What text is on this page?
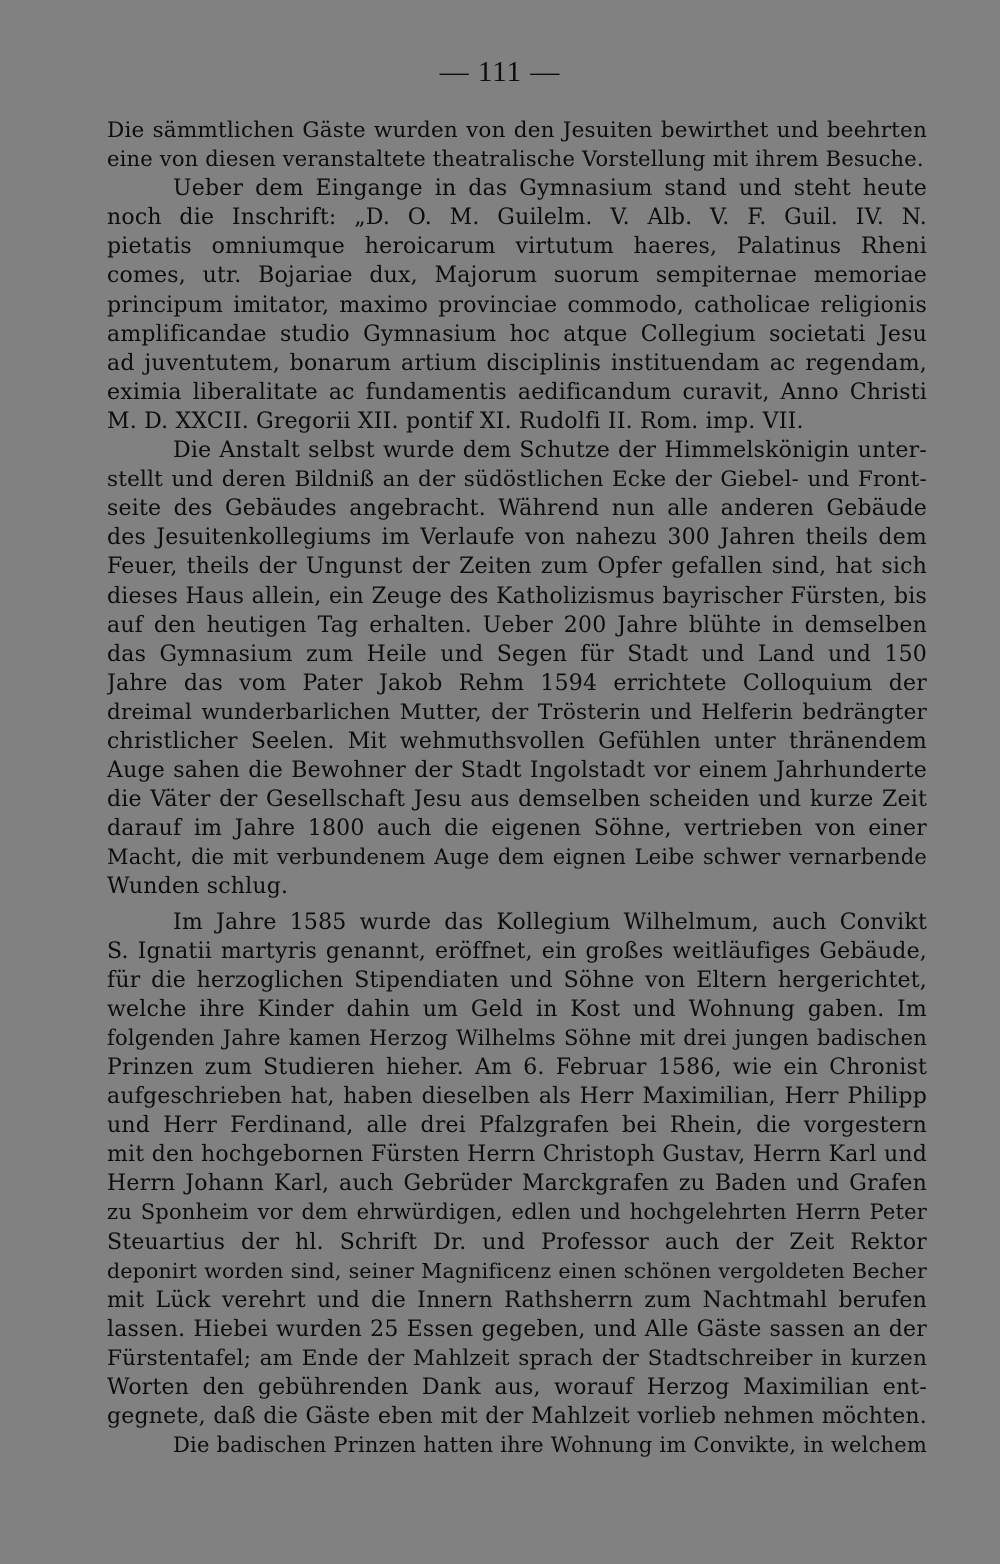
— 111 —
Die sämmtlichen Gäste wurden von den Jesuiten bewirthet und beehrten
eine von diesen veranstaltete theatralische Vorstellung mit ihrem Besuche.
Ueber dem Eingange in das Gymnasium stand und steht heute
noch die Inschrift: „D. O. M. Guilelm. V. Alb. V. F. Guil. IV. N.
pietatis omniumque heroicarum virtutum haeres, Palatinus Rheni
comes, utr. Bojariae dux, Majorum suorum sempiternae memoriae
principum imitator, maximo provinciae commodo, catholicae religionis
amplificandae studio Gymnasium hoc atque Collegium societati Jesu
ad juventutem, bonarum artium disciplinis instituendam ac regendam,
eximia liberalitate ac fundamentis aedificandum curavit, Anno Christi
M. D. XXCII. Gregorii XII. pontif XI. Rudolfi II. Rom. imp. VII.
Die Anstalt selbst wurde dem Schutze der Himmelskönigin unter-
stellt und deren Bildniß an der südöstlichen Ecke der Giebel- und Front-
seite des Gebäudes angebracht. Während nun alle anderen Gebäude
des Jesuitenkollegiums im Verlaufe von nahezu 300 Jahren theils dem
Feuer, theils der Ungunst der Zeiten zum Opfer gefallen sind, hat sich
dieses Haus allein, ein Zeuge des Katholizismus bayrischer Fürsten, bis
auf den heutigen Tag erhalten. Ueber 200 Jahre blühte in demselben
das Gymnasium zum Heile und Segen für Stadt und Land und 150
Jahre das vom Pater Jakob Rehm 1594 errichtete Colloquium der
dreimal wunderbarlichen Mutter, der Trösterin und Helferin bedrängter
christlicher Seelen. Mit wehmuthsvollen Gefühlen unter thränendem
Auge sahen die Bewohner der Stadt Ingolstadt vor einem Jahrhunderte
die Väter der Gesellschaft Jesu aus demselben scheiden und kurze Zeit
darauf im Jahre 1800 auch die eigenen Söhne, vertrieben von einer
Macht, die mit verbundenem Auge dem eignen Leibe schwer vernarbende
Wunden schlug.
Im Jahre 1585 wurde das Kollegium Wilhelmum, auch Convikt
S. Ignatii martyris genannt, eröffnet, ein großes weitläufiges Gebäude,
für die herzoglichen Stipendiaten und Söhne von Eltern hergerichtet,
welche ihre Kinder dahin um Geld in Kost und Wohnung gaben. Im
folgenden Jahre kamen Herzog Wilhelms Söhne mit drei jungen badischen
Prinzen zum Studieren hieher. Am 6. Februar 1586, wie ein Chronist
aufgeschrieben hat, haben dieselben als Herr Maximilian, Herr Philipp
und Herr Ferdinand, alle drei Pfalzgrafen bei Rhein, die vorgestern
mit den hochgebornen Fürsten Herrn Christoph Gustav, Herrn Karl und
Herrn Johann Karl, auch Gebrüder Marckgrafen zu Baden und Grafen
zu Sponheim vor dem ehrwürdigen, edlen und hochgelehrten Herrn Peter
Steuartius der hl. Schrift Dr. und Professor auch der Zeit Rektor
deponirt worden sind, seiner Magnificenz einen schönen vergoldeten Becher
mit Lück verehrt und die Innern Rathsherrn zum Nachtmahl berufen
lassen. Hiebei wurden 25 Essen gegeben, und Alle Gäste sassen an der
Fürstentafel; am Ende der Mahlzeit sprach der Stadtschreiber in kurzen
Worten den gebührenden Dank aus, worauf Herzog Maximilian ent-
gegnete, daß die Gäste eben mit der Mahlzeit vorlieb nehmen möchten.
Die badischen Prinzen hatten ihre Wohnung im Convikte, in welchem
